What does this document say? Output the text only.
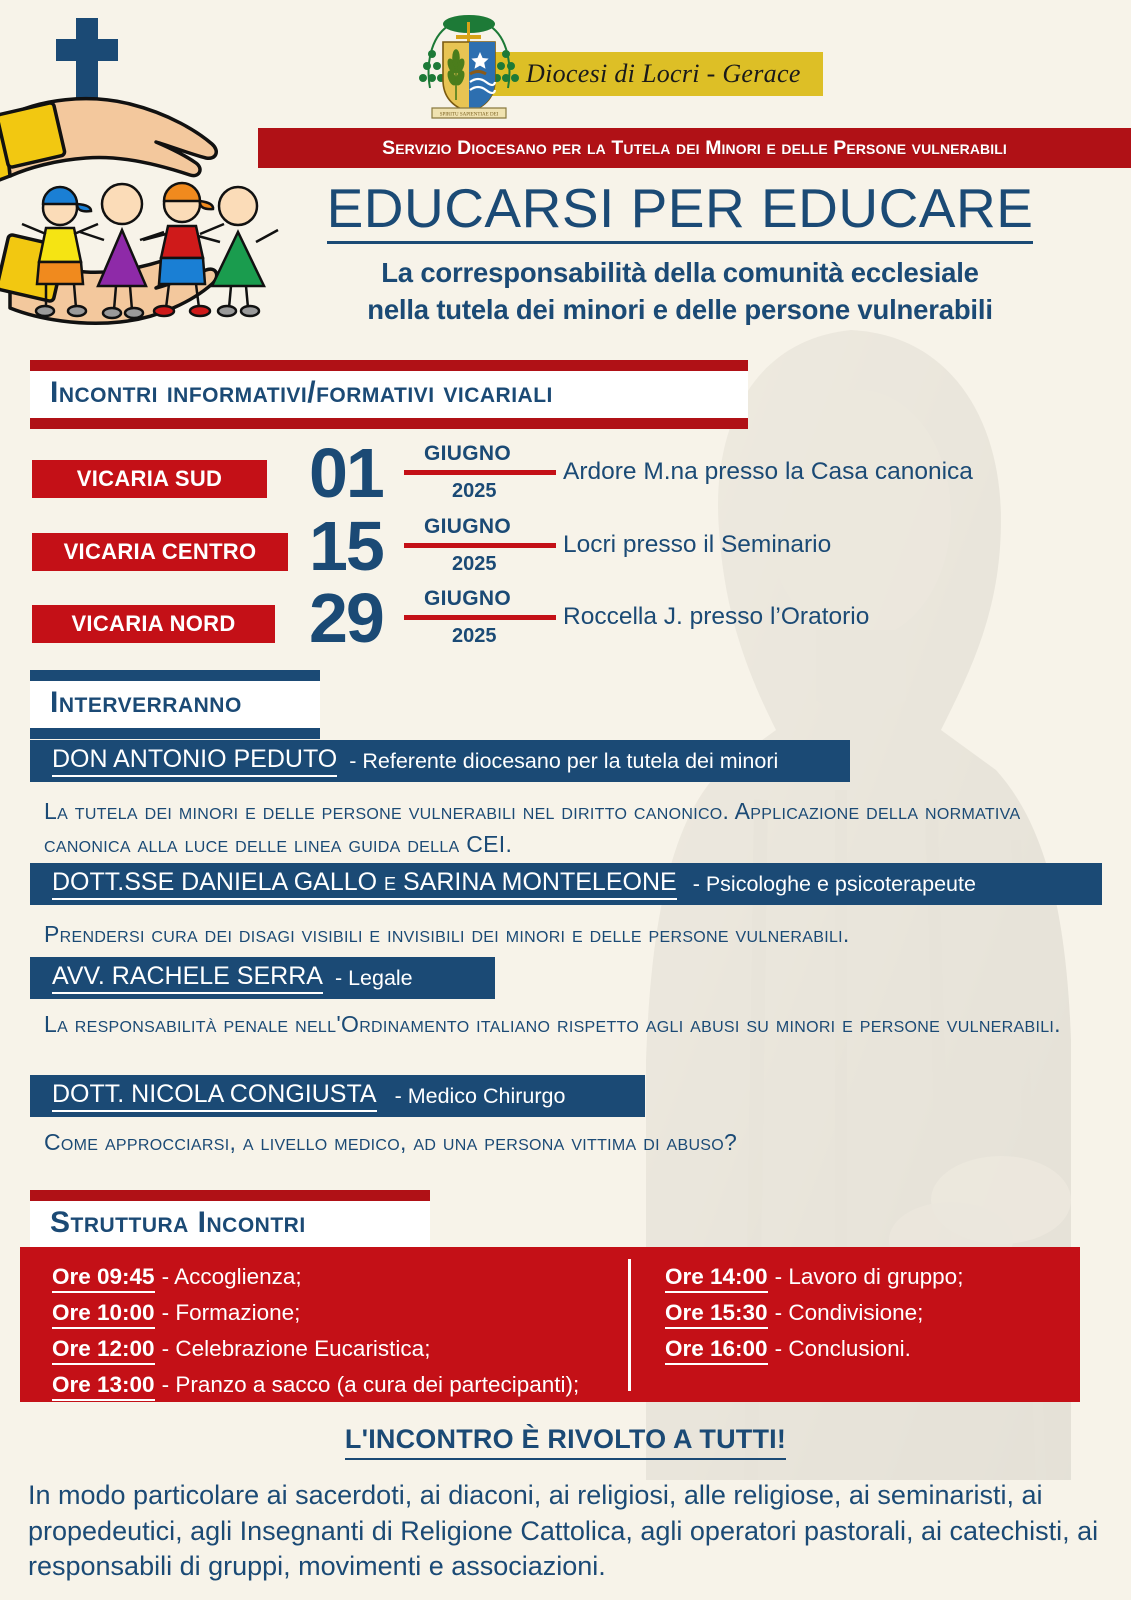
SPIRITU SAPIENTIAE DEI
Diocesi di Locri - Gerace
Servizio Diocesano per la Tutela dei Minori e delle Persone vulnerabili
EDUCARSI PER EDUCARE
La corresponsabilità della comunità ecclesiale
nella tutela dei minori e delle persone vulnerabili
Incontri informativi/formativi vicariali
VICARIA SUD	01 GIUGNO
2025
Ardore M.na presso la Casa canonica
VICARIA CENTRO 15 GIUGNO
2025
Locri presso il Seminario
VICARIA NORD	29 GIUGNO
2025
Roccella J. presso l’Oratorio
Interverranno
DON ANTONIO PEDUTO - Referente diocesano per la tutela dei minori
La tutela dei minori e delle persone vulnerabili nel diritto canonico. Applicazione della normativa canonica alla luce delle linea guida della CEI.
DOTT.SSE DANIELA GALLO e SARINA MONTELEONE - Psicologhe e psicoterapeute
Prendersi cura dei disagi visibili e invisibili dei minori e delle persone vulnerabili.
AVV. RACHELE SERRA - Legale
La responsabilità penale nell'Ordinamento italiano rispetto agli abusi su minori e persone vulnerabili.
DOTT. NICOLA CONGIUSTA - Medico Chirurgo
Come approcciarsi, a livello medico, ad una persona vittima di abuso?
Struttura Incontri
Ore 09:45 - Accoglienza;
Ore 10:00 - Formazione;
Ore 12:00 - Celebrazione Eucaristica;
Ore 13:00 - Pranzo a sacco (a cura dei partecipanti);
Ore 14:00 - Lavoro di gruppo;
Ore 15:30 - Condivisione;
Ore 16:00 - Conclusioni.
L'INCONTRO È RIVOLTO A TUTTI!
In modo particolare ai sacerdoti, ai diaconi, ai religiosi, alle religiose, ai seminaristi, ai propedeutici, agli Insegnanti di Religione Cattolica, agli operatori pastorali, ai catechisti, ai responsabili di gruppi, movimenti e associazioni.
